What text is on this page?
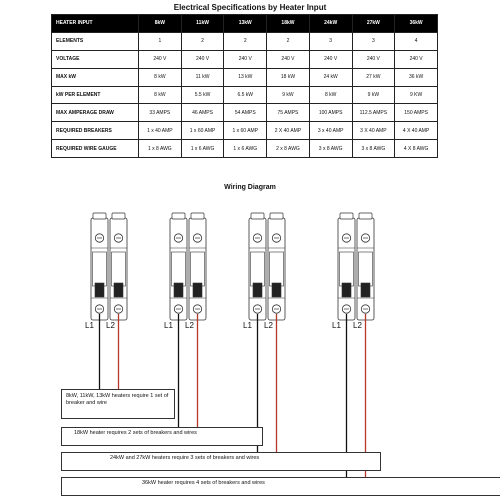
Electrical Specifications by Heater Input
HEATER INPUT	8kW	11kW	13kW	18kW	24kW	27kW	36kW
ELEMENTS	1	2	2	2	3	3	4
VOLTAGE	240 V	240 V	240 V	240 V	240 V	240 V	240 V
MAX kW	8 kW	11 kW	13 kW	18 kW	24 kW	27 kW	36 kW
kW PER ELEMENT	8 kW	5.5 kW	6.5 kW	9 kW	8 kW	9 kW	9 KW
MAX AMPERAGE DRAW	33 AMPS	46 AMPS	54 AMPS	75 AMPS	100 AMPS	112.5 AMPS	150 AMPS
REQUIRED BREAKERS	1 x 40 AMP	1 x 60 AMP	1 x 60 AMP	2 X 40 AMP	3 x 40 AMP	3 X 40 AMP	4 X 40 AMP
REQUIRED WIRE GAUGE	1 x 8 AWG	1 x 6 AWG	1 x 6 AWG	2 x 8 AWG	3 x 8 AWG	3 x 8 AWG	4 X 8 AWG
Wiring Diagram
L1 L2	L1 L2	L1 L2	L1 L2
8kW, 11kW, 13kW heaters require 1 set of breaker and wire
18kW heater requires 2 sets of breakers and wires
24kW and 27kW heaters require 3 sets of breakers and wires
36kW heater requires 4 sets of breakers and wires
